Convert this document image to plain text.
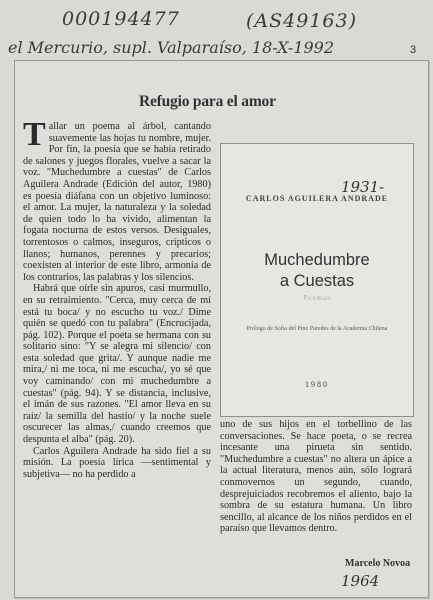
000194477	(AS49163)
el Mercurio, supl. Valparaíso, 18-X-1992	3
Refugio para el amor

Tallar un poema al árbol, cantando suavemente las hojas tu nombre, mujer. Por fin, la poesía que se había retirado de salones y juegos florales, vuelve a sacar la voz. "Muchedumbre a cuestas" de Carlos Aguilera Andrade (Edición del autor, 1980) es poesía diáfana con un objetivo luminoso: el amor. La mujer, la naturaleza y la soledad de quien todo lo ha vivido, alimentan la fogata nocturna de estos versos. Desiguales, torrentosos o calmos, inseguros, crípticos o llanos; humanos, perennes y precarios; coexisten al interior de este libro, armonía de los contrarios, las palabras y los silencios.

Habrá que oírle sin apuros, casi murmullo, en su retraimiento. "Cerca, muy cerca de mí está tu boca/ y no escucho tu voz./ Dime quién se quedó con tu palabra" (Encrucijada, pág. 102). Porque el poeta se hermana con su solitario sino: "Y se alegra mi silencio/ con esta soledad que grita/. Y aunque nadie me mira,/ ni me toca, ni me escucha/, yo sé que voy caminando/ con mi muchedumbre a cuestas" (pág. 94). Y se distancia, inclusive, el imán de sus razones. "El amor lleva en su raíz/ la semilla del hastío/ y la noche suele oscurecer las almas,/ cuando creemos que despunta el alba" (pág. 20).

Carlos Aguilera Andrade ha sido fiel a su misión. La poesía lírica —sentimental y subjetiva— no ha perdido a

CARLOS AGUILERA ANDRADE
1931-
Muchedumbre
a Cuestas
Poemas
Prólogo de Sofía del Pino Paredes de la Academia Chilena
1980

uno de sus hijos en el torbellino de las conversaciones. Se hace poeta, o se recrea incesante una pirueta sin sentido. "Muchedumbre a cuestas" no altera un ápice a la actual literatura, menos aún, sólo logrará conmovernos un segundo, cuando, desprejuiciados recobremos el aliento, bajo la sombra de su estatura humana. Un libro sencillo, al alcance de los niños perdidos en el paraíso que llevamos dentro.

Marcelo Novoa
1964
